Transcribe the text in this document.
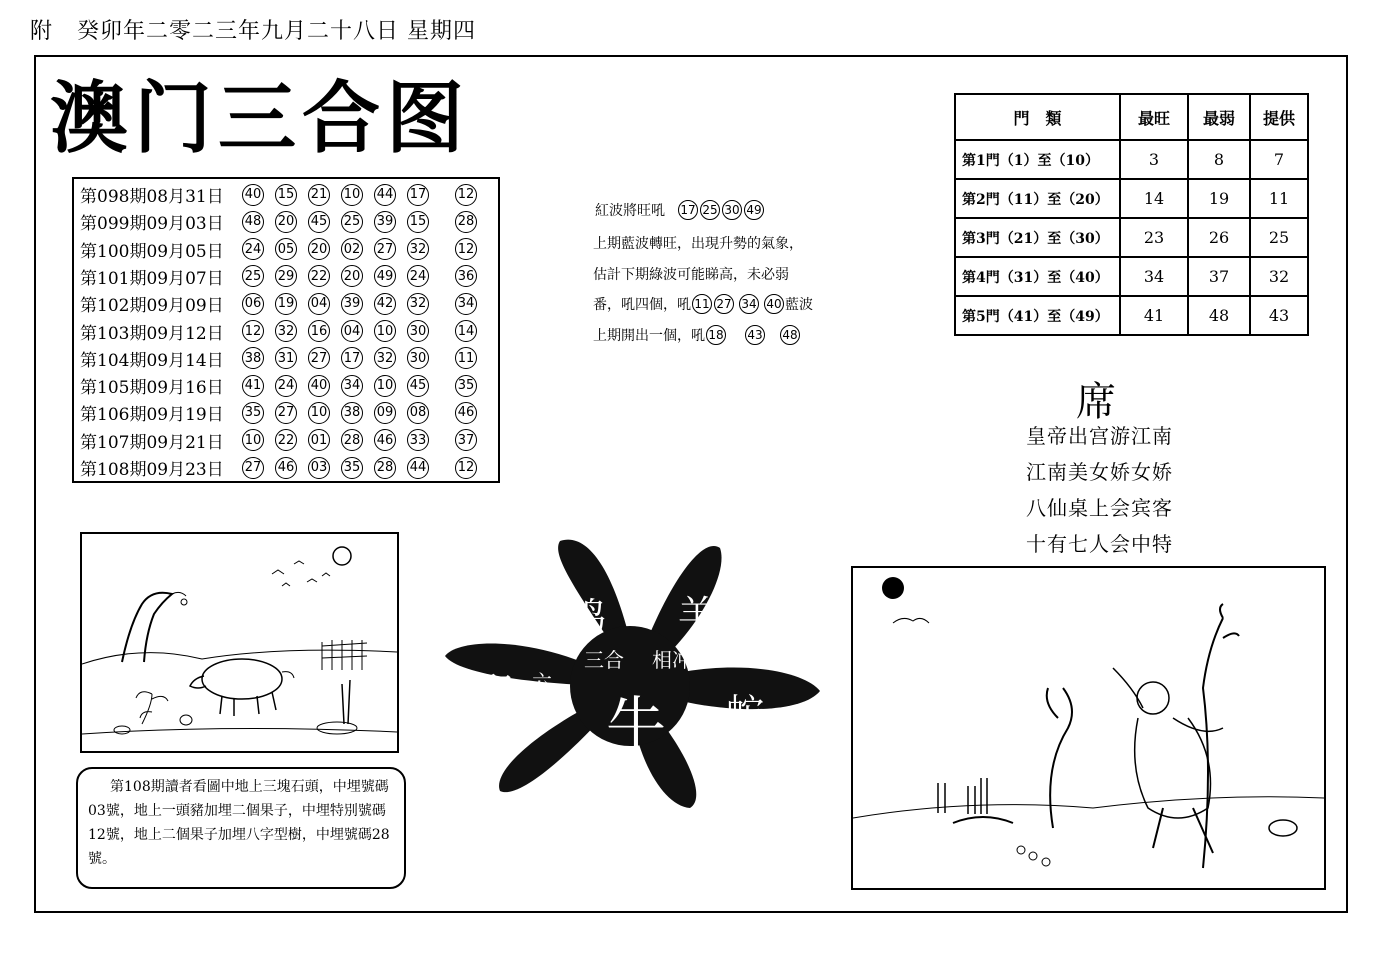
附 癸卯年二零二三年九月二十八日 星期四
澳门三合图
第098期08月31日	40 15 21 10 44 17 12
第099期09月03日	48 20 45 25 39 15 28
第100期09月05日	24 05 20 02 27 32 12
第101期09月07日	25 29 22 20 49 24 36
第102期09月09日	06 19 04 39 42 32 34
第103期09月12日	12 32 16 04 10 30 14
第104期09月14日	38 31 27 17 32 30 11
第105期09月16日	41 24 40 34 10 45 35
第106期09月19日	35 27 10 38 09 08 46
第107期09月21日	10 22 01 28 46 33 37
第108期09月23日	27 46 03 35 28 44 12
紅波將旺吼 17 25 30 49
上期藍波轉旺，出現升勢的氣象，
估計下期綠波可能睇高，未必弱
番，吼四個，吼 11 27 34 40 藍波
上期開出一個，吼 18 43 48
門　類	最旺	最弱	提供
第1門（1）至（10）	3	8	7
第2門（11）至（20）	14	19	11
第3門（21）至（30）	23	26	25
第4門（31）至（40）	34	37	32
第5門（41）至（49）	41	48	43
席
皇帝出宫游江南
江南美女娇女娇
八仙桌上会宾客
十有七人会中特

第108期讀者看圖中地上三塊石頭，中埋號碼03號，地上一頭豬加埋二個果子，中埋特別號碼12號，地上二個果子加埋八字型樹，中埋號碼28號。

鸡 羊
鼠 牛 蛇
三合 相冲
六
合
